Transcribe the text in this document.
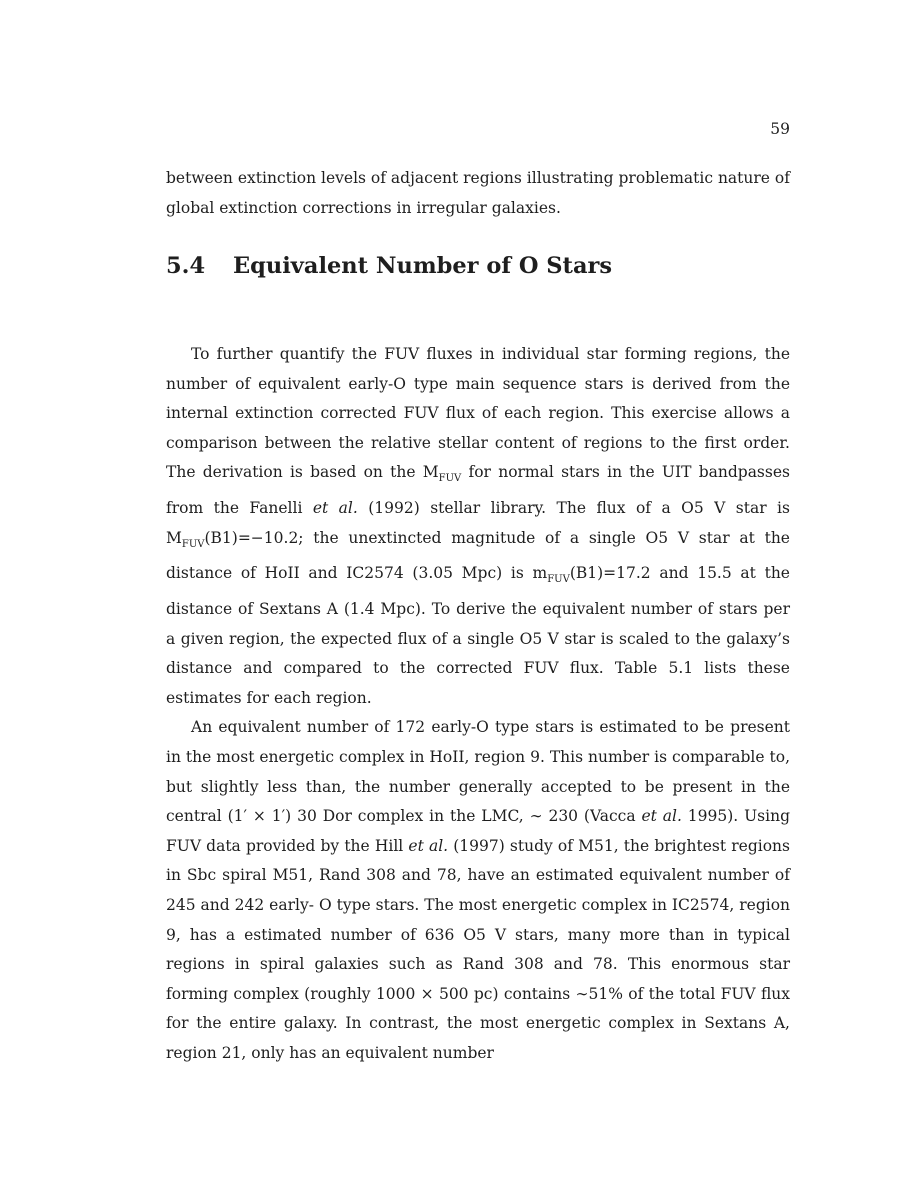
59

between extinction levels of adjacent regions illustrating problematic nature of
global extinction corrections in irregular galaxies.

5.4 Equivalent Number of O Stars

To further quantify the FUV fluxes in individual star forming regions, the number of equivalent early-O type main sequence stars is derived from the internal extinction corrected FUV flux of each region. This exercise allows a comparison between the relative stellar content of regions to the first order. The derivation is based on the $M_{FUV}$ for normal stars in the UIT bandpasses from the Fanelli et al. (1992) stellar library. The flux of a O5 V star is $M_{FUV}(B1)=-10.2$; the unextincted magnitude of a single O5 V star at the distance of HoII and IC2574 (3.05 Mpc) is $m_{FUV}(B1)=17.2$ and 15.5 at the distance of Sextans A (1.4 Mpc). To derive the equivalent number of stars per a given region, the expected flux of a single O5 V star is scaled to the galaxy’s distance and compared to the corrected FUV flux. Table 5.1 lists these estimates for each region.

An equivalent number of 172 early-O type stars is estimated to be present in the most energetic complex in HoII, region 9. This number is comparable to, but slightly less than, the number generally accepted to be present in the central (1′ × 1′) 30 Dor complex in the LMC, ∼ 230 (Vacca et al. 1995). Using FUV data provided by the Hill et al. (1997) study of M51, the brightest regions in Sbc spiral M51, Rand 308 and 78, have an estimated equivalent number of 245 and 242 early- O type stars. The most energetic complex in IC2574, region 9, has a estimated number of 636 O5 V stars, many more than in typical regions in spiral galaxies such as Rand 308 and 78. This enormous star forming complex (roughly 1000 × 500 pc) contains ∼51% of the total FUV flux for the entire galaxy. In contrast, the most energetic complex in Sextans A, region 21, only has an equivalent number
